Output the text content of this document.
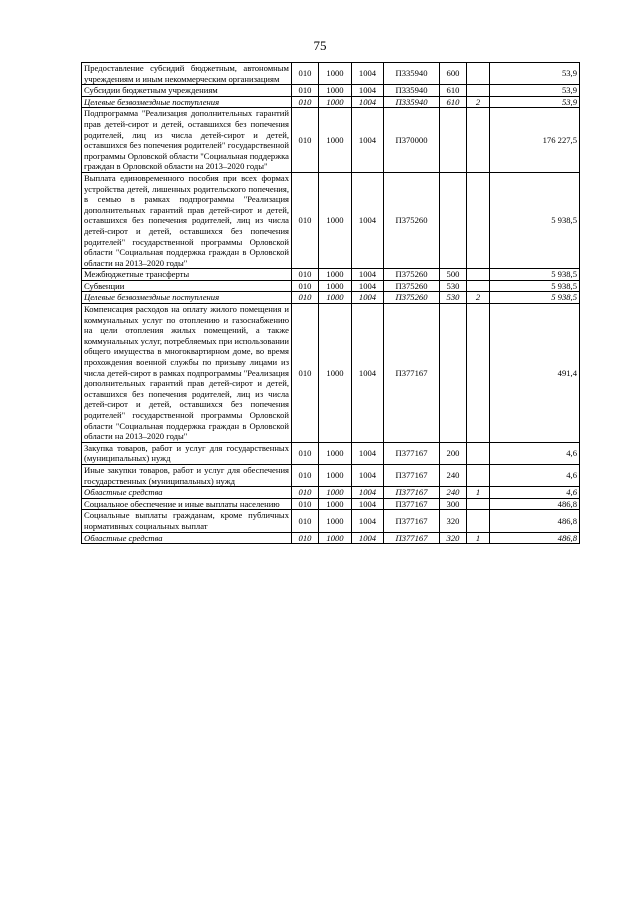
75
Предоставление субсидий бюджетным, автономным учреждениям и иным некоммерческим организациям	010	1000	1004	П335940	600		53,9
Субсидии бюджетным учреждениям	010	1000	1004	П335940	610		53,9
Целевые безвозмездные поступления	010	1000	1004	П335940	610	2	53,9
Подпрограмма "Реализация дополнительных гарантий прав детей-сирот и детей, оставшихся без попечения родителей, лиц из числа детей-сирот и детей, оставшихся без попечения родителей" государственной программы Орловской области "Социальная поддержка граждан в Орловской области на 2013–2020 годы"	010	1000	1004	П370000			176 227,5
Выплата единовременного пособия при всех формах устройства детей, лишенных родительского попечения, в семью в рамках подпрограммы "Реализация дополнительных гарантий прав детей-сирот и детей, оставшихся без попечения родителей, лиц из числа детей-сирот и детей, оставшихся без попечения родителей" государственной программы Орловской области "Социальная поддержка граждан в Орловской области на 2013–2020 годы"	010	1000	1004	П375260			5 938,5
Межбюджетные трансферты	010	1000	1004	П375260	500		5 938,5
Субвенции	010	1000	1004	П375260	530		5 938,5
Целевые безвозмездные поступления	010	1000	1004	П375260	530	2	5 938,5
Компенсация расходов на оплату жилого помещения и коммунальных услуг по отоплению и газоснабжению на цели отопления жилых помещений, а также коммунальных услуг, потребляемых при использовании общего имущества в многоквартирном доме, во время прохождения военной службы по призыву лицами из числа детей-сирот в рамках подпрограммы "Реализация дополнительных гарантий прав детей-сирот и детей, оставшихся без попечения родителей, лиц из числа детей-сирот и детей, оставшихся без попечения родителей" государственной программы Орловской области "Социальная поддержка граждан в Орловской области на 2013–2020 годы"	010	1000	1004	П377167			491,4
Закупка товаров, работ и услуг для государственных (муниципальных) нужд	010	1000	1004	П377167	200		4,6
Иные закупки товаров, работ и услуг для обеспечения государственных (муниципальных) нужд	010	1000	1004	П377167	240		4,6
Областные средства	010	1000	1004	П377167	240	1	4,6
Социальное обеспечение и иные выплаты населению	010	1000	1004	П377167	300		486,8
Социальные выплаты гражданам, кроме публичных нормативных социальных выплат	010	1000	1004	П377167	320		486,8
Областные средства	010	1000	1004	П377167	320	1	486,8
